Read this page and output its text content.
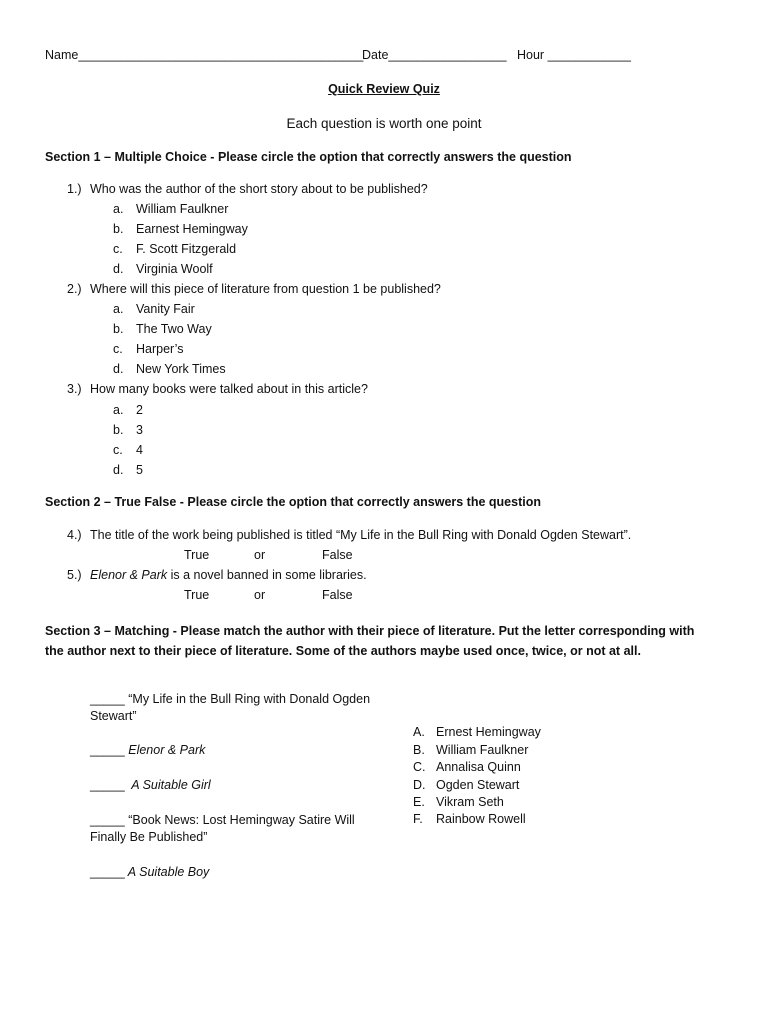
Name_________________________________________
Date_________________ Hour ____________
Quick Review Quiz
Each question is worth one point
Section 1 – Multiple Choice - Please circle the option that correctly answers the question
1.) Who was the author of the short story about to be published?
a. William Faulkner
b. Earnest Hemingway
c. F. Scott Fitzgerald
d. Virginia Woolf
2.) Where will this piece of literature from question 1 be published?
a. Vanity Fair
b. The Two Way
c. Harper’s
d. New York Times
3.) How many books were talked about in this article?
a. 2
b. 3
c. 4
d. 5
Section 2 – True False - Please circle the option that correctly answers the question
4.) The title of the work being published is titled “My Life in the Bull Ring with Donald Ogden Stewart”.
True	or	False
5.) Elenor & Park is a novel banned in some libraries.
True	or	False
Section 3 – Matching - Please match the author with their piece of literature. Put the letter corresponding with the author next to their piece of literature. Some of the authors maybe used once, twice, or not at all.
_____ “My Life in the Bull Ring with Donald Ogden Stewart”
_____ Elenor & Park
_____  A Suitable Girl
_____ “Book News: Lost Hemingway Satire Will Finally Be Published”
_____ A Suitable Boy
A. Ernest Hemingway
B. William Faulkner
C. Annalisa Quinn
D. Ogden Stewart
E. Vikram Seth
F. Rainbow Rowell
